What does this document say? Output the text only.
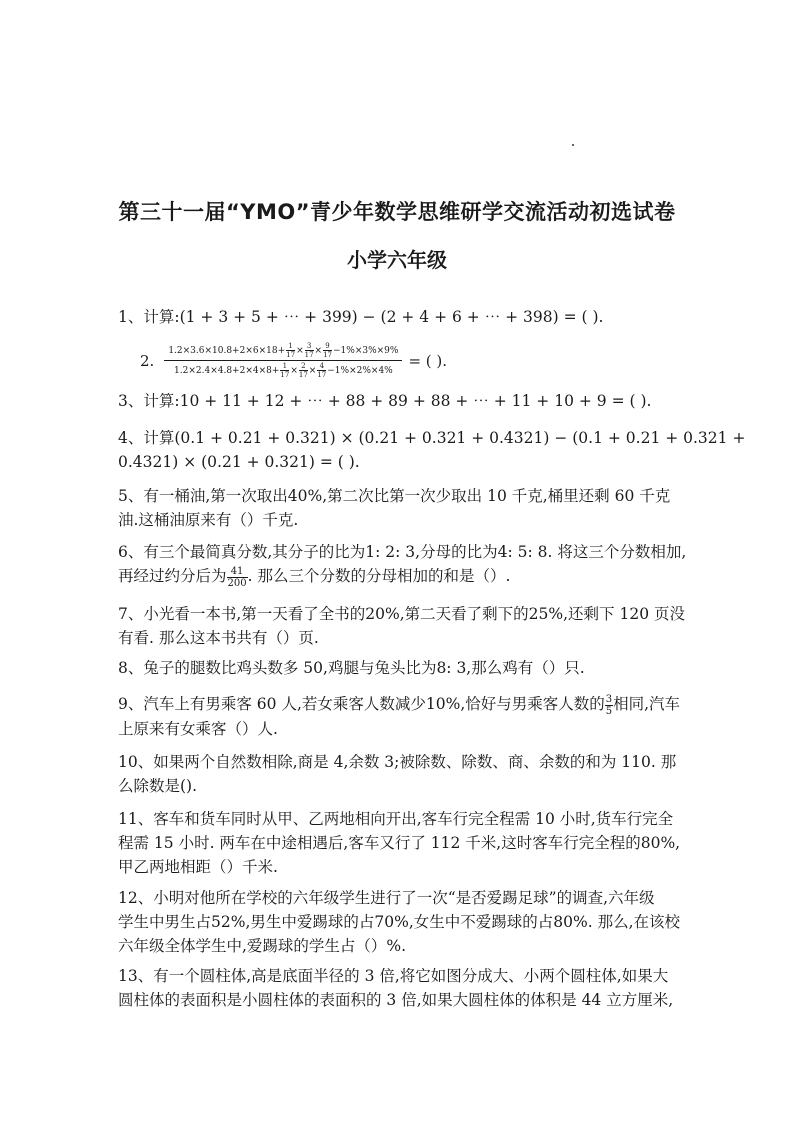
第三十一届“YMO”青少年数学思维研学交流活动初选试卷
小学六年级
1、计算:(1 + 3 + 5 + ⋯ + 399) − (2 + 4 + 6 + ⋯ + 398) = ( ).
2. $\frac{1.2\times 3.6\times 10.8+2\times 6\times 18+ \frac{1}{17} \times \frac{3}{17} \times \frac{9}{17} -1\%\times 3\%\times 9\%}{1.2\times 2.4\times 4.8+2\times 4\times 8+ \frac{1}{17} \times \frac{2}{17} \times \frac{4}{17} -1\%\times 2\%\times 4\%}$ = ( ).
3、计算:10 + 11 + 12 + ⋯ + 88 + 89 + 88 + ⋯ + 11 + 10 + 9 = ( ).
4、计算(0.1 + 0.21 + 0.321) × (0.21 + 0.321 + 0.4321) − (0.1 + 0.21 + 0.321 +
0.4321) × (0.21 + 0.321) = ( ).
5、有一桶油,第一次取出40%,第二次比第一次少取出 10 千克,桶里还剩 60 千克
油.这桶油原来有（）千克.
6、有三个最简真分数,其分子的比为1: 2: 3,分母的比为4: 5: 8. 将这三个分数相加,
再经过约分后为 $\frac{41}{200}$ . 那么三个分数的分母相加的和是（）.
7、小光看一本书,第一天看了全书的20%,第二天看了剩下的25%,还剩下 120 页没
有看. 那么这本书共有（）页.
8、兔子的腿数比鸡头数多 50,鸡腿与兔头比为8: 3,那么鸡有（）只.
9、汽车上有男乘客 60 人,若女乘客人数减少10%,恰好与男乘客人数的 $\frac{3}{5}$ 相同,汽车
上原来有女乘客（）人.
10、如果两个自然数相除,商是 4,余数 3;被除数、除数、商、余数的和为 110. 那
么除数是().
11、客车和货车同时从甲、乙两地相向开出,客车行完全程需 10 小时,货车行完全
程需 15 小时. 两车在中途相遇后,客车又行了 112 千米,这时客车行完全程的80%,
甲乙两地相距（）千米.
12、小明对他所在学校的六年级学生进行了一次“是否爱踢足球”的调查,六年级
学生中男生占52%,男生中爱踢球的占70%,女生中不爱踢球的占80%. 那么,在该校
六年级全体学生中,爱踢球的学生占（）%.
13、有一个圆柱体,高是底面半径的 3 倍,将它如图分成大、小两个圆柱体,如果大
圆柱体的表面积是小圆柱体的表面积的 3 倍,如果大圆柱体的体积是 44 立方厘米,
